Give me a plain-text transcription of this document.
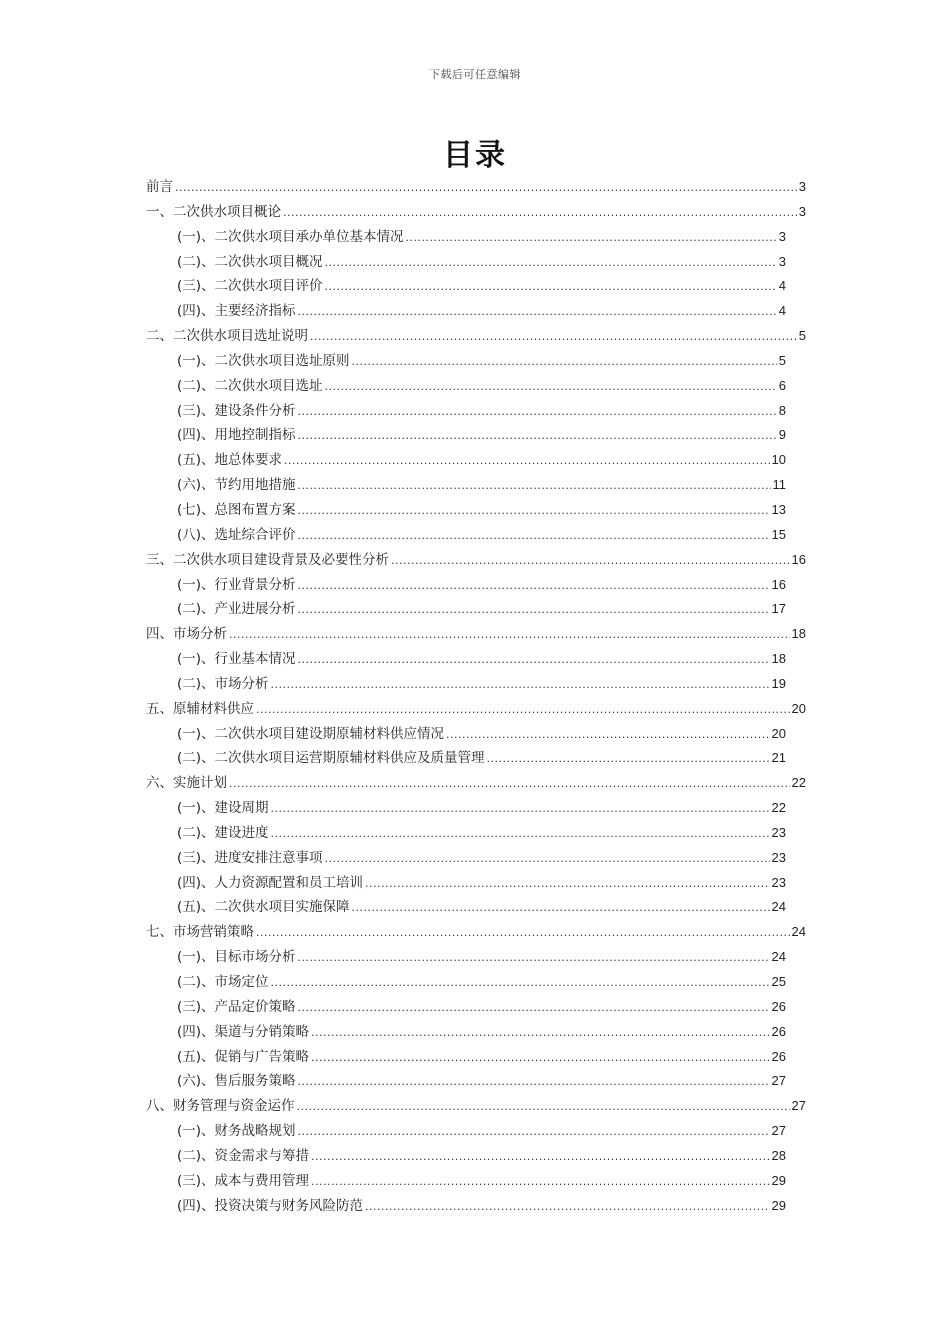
下载后可任意编辑
目录
前言 .....	3
一、二次供水项目概论 .....	3
(一)、二次供水项目承办单位基本情况 .....	3
(二)、二次供水项目概况 .....	3
(三)、二次供水项目评价 .....	4
(四)、主要经济指标 .....	4
二、二次供水项目选址说明 .....	5
(一)、二次供水项目选址原则 .....	5
(二)、二次供水项目选址 .....	6
(三)、建设条件分析 .....	8
(四)、用地控制指标 .....	9
(五)、地总体要求 .....	10
(六)、节约用地措施 .....	11
(七)、总图布置方案 .....	13
(八)、选址综合评价 .....	15
三、二次供水项目建设背景及必要性分析 .....	16
(一)、行业背景分析 .....	16
(二)、产业进展分析 .....	17
四、市场分析 .....	18
(一)、行业基本情况 .....	18
(二)、市场分析 .....	19
五、原辅材料供应 .....	20
(一)、二次供水项目建设期原辅材料供应情况 .....	20
(二)、二次供水项目运营期原辅材料供应及质量管理 .....	21
六、实施计划 .....	22
(一)、建设周期 .....	22
(二)、建设进度 .....	23
(三)、进度安排注意事项 .....	23
(四)、人力资源配置和员工培训 .....	23
(五)、二次供水项目实施保障 .....	24
七、市场营销策略 .....	24
(一)、目标市场分析 .....	24
(二)、市场定位 .....	25
(三)、产品定价策略 .....	26
(四)、渠道与分销策略 .....	26
(五)、促销与广告策略 .....	26
(六)、售后服务策略 .....	27
八、财务管理与资金运作 .....	27
(一)、财务战略规划 .....	27
(二)、资金需求与筹措 .....	28
(三)、成本与费用管理 .....	29
(四)、投资决策与财务风险防范 .....	29
